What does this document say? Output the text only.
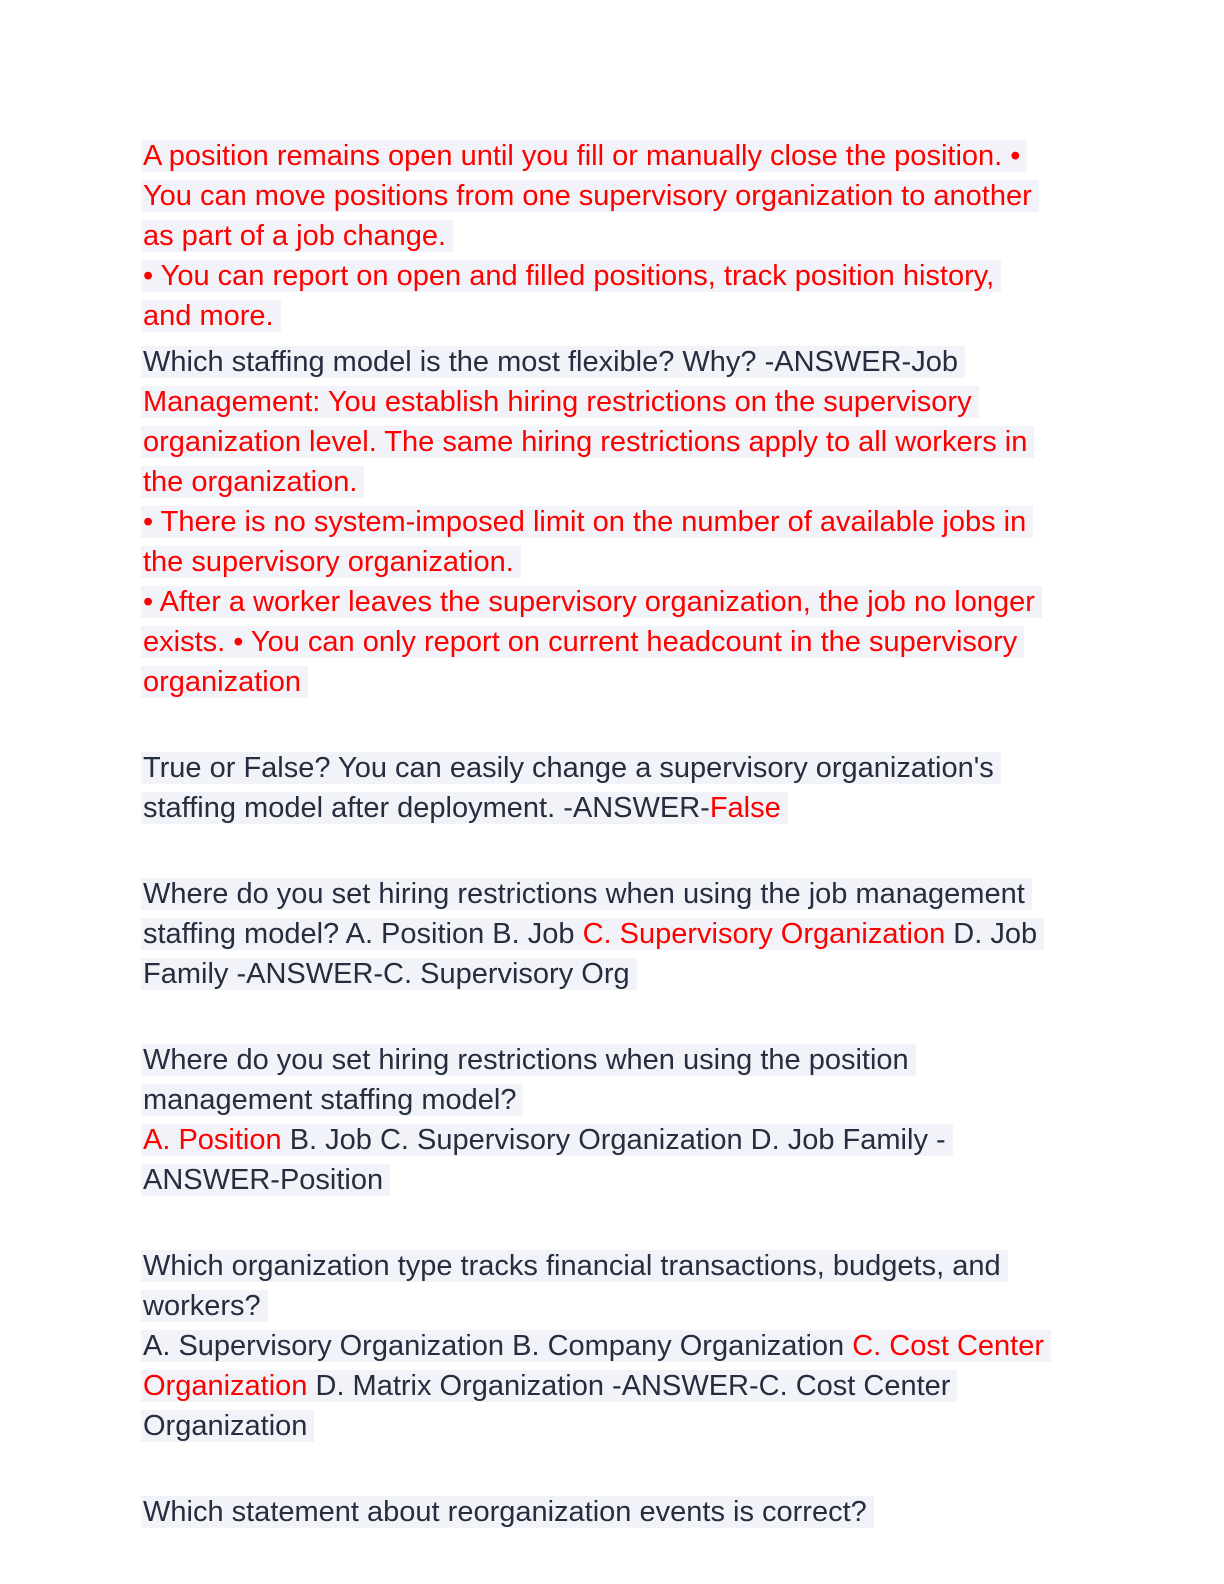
A position remains open until you fill or manually close the position. •
You can move positions from one supervisory organization to another
as part of a job change.
• You can report on open and filled positions, track position history,
and more.
Which staffing model is the most flexible? Why? -ANSWER-Job
Management: You establish hiring restrictions on the supervisory
organization level. The same hiring restrictions apply to all workers in
the organization.
• There is no system-imposed limit on the number of available jobs in
the supervisory organization.
• After a worker leaves the supervisory organization, the job no longer
exists. • You can only report on current headcount in the supervisory
organization
True or False? You can easily change a supervisory organization's
staffing model after deployment. -ANSWER-False
Where do you set hiring restrictions when using the job management
staffing model? A. Position B. Job C. Supervisory Organization D. Job
Family -ANSWER-C. Supervisory Org
Where do you set hiring restrictions when using the position
management staffing model?
A. Position B. Job C. Supervisory Organization D. Job Family -
ANSWER-Position
Which organization type tracks financial transactions, budgets, and
workers?
A. Supervisory Organization B. Company Organization C. Cost Center
Organization D. Matrix Organization -ANSWER-C. Cost Center
Organization
Which statement about reorganization events is correct?
